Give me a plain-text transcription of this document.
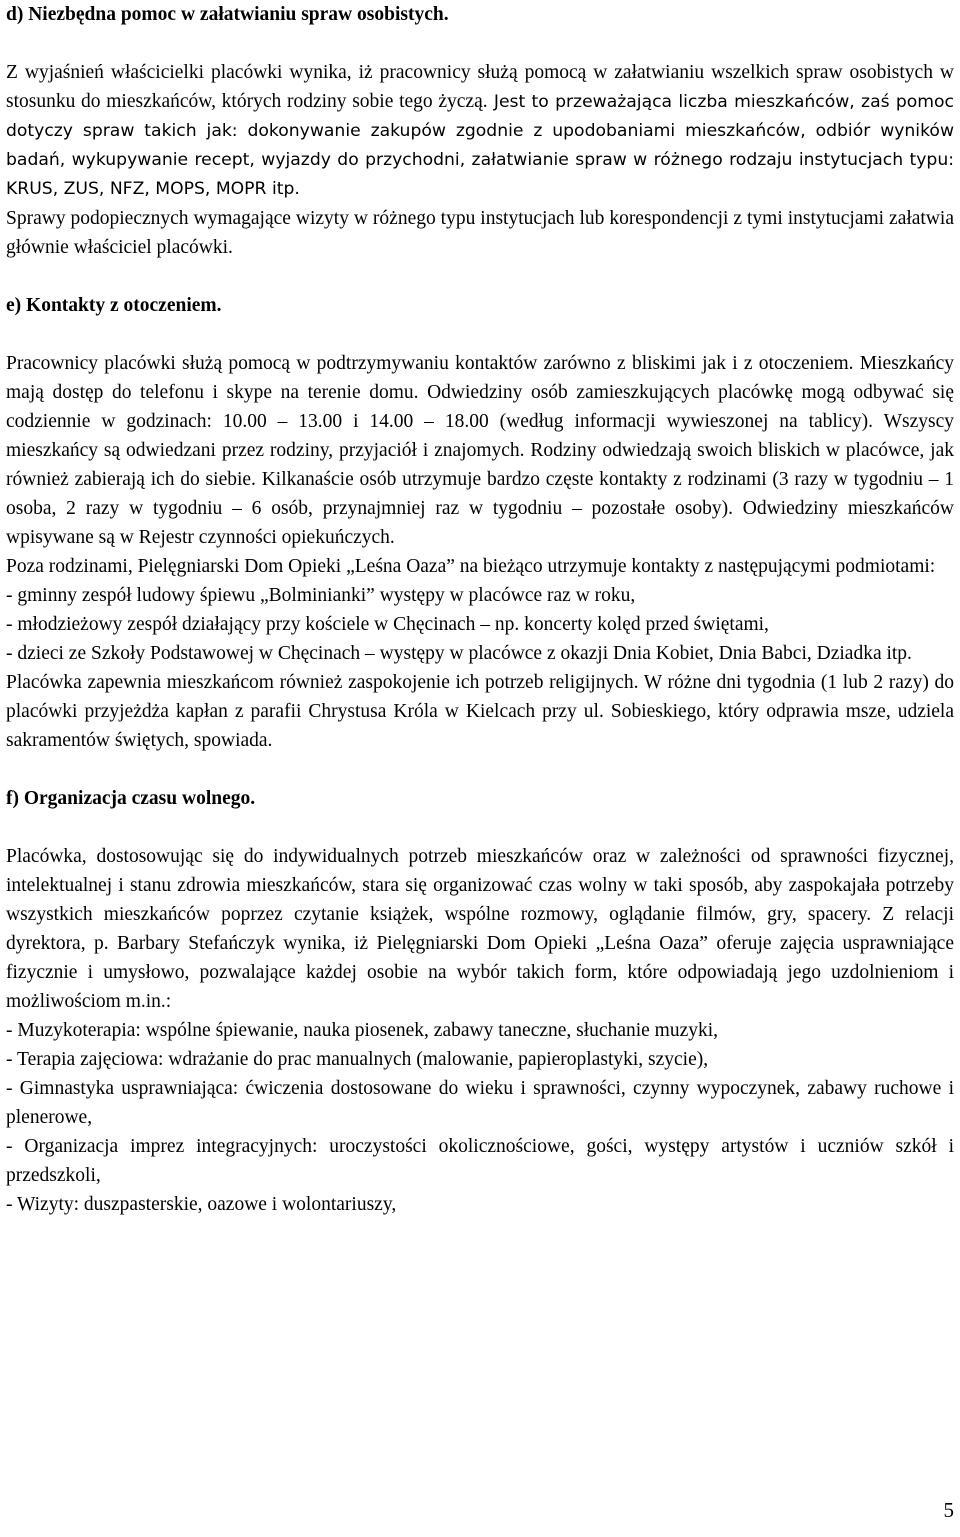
d) Niezbędna pomoc w załatwianiu spraw osobistych.

Z wyjaśnień właścicielki placówki wynika, iż pracownicy służą pomocą w załatwianiu wszelkich spraw osobistych w stosunku do mieszkańców, których rodziny sobie tego życzą. Jest to przeważająca liczba mieszkańców, zaś pomoc dotyczy spraw takich jak: dokonywanie zakupów zgodnie z upodobaniami mieszkańców, odbiór wyników badań, wykupywanie recept, wyjazdy do przychodni, załatwianie spraw w różnego rodzaju instytucjach typu: KRUS, ZUS, NFZ, MOPS, MOPR itp.

Sprawy podopiecznych wymagające wizyty w różnego typu instytucjach lub korespondencji z tymi instytucjami załatwia głównie właściciel placówki.

e) Kontakty z otoczeniem.

Pracownicy placówki służą pomocą w podtrzymywaniu kontaktów zarówno z bliskimi jak i z otoczeniem. Mieszkańcy mają dostęp do telefonu i skype na terenie domu. Odwiedziny osób zamieszkujących placówkę mogą odbywać się codziennie w godzinach: 10.00 – 13.00 i 14.00 – 18.00 (według informacji wywieszonej na tablicy). Wszyscy mieszkańcy są odwiedzani przez rodziny, przyjaciół i znajomych. Rodziny odwiedzają swoich bliskich w placówce, jak również zabierają ich do siebie. Kilkanaście osób utrzymuje bardzo częste kontakty z rodzinami (3 razy w tygodniu – 1 osoba, 2 razy w tygodniu – 6 osób, przynajmniej raz w tygodniu – pozostałe osoby). Odwiedziny mieszkańców wpisywane są w Rejestr czynności opiekuńczych.

Poza rodzinami, Pielęgniarski Dom Opieki „Leśna Oaza” na bieżąco utrzymuje kontakty z następującymi podmiotami:

- gminny zespół ludowy śpiewu „Bolminianki” występy w placówce raz w roku,
- młodzieżowy zespół działający przy kościele w Chęcinach – np. koncerty kolęd przed świętami,
- dzieci ze Szkoły Podstawowej w Chęcinach – występy w placówce z okazji Dnia Kobiet, Dnia Babci, Dziadka itp.

Placówka zapewnia mieszkańcom również zaspokojenie ich potrzeb religijnych. W różne dni tygodnia (1 lub 2 razy) do placówki przyjeżdża kapłan z parafii Chrystusa Króla w Kielcach przy ul. Sobieskiego, który odprawia msze, udziela sakramentów świętych, spowiada.

f) Organizacja czasu wolnego.

Placówka, dostosowując się do indywidualnych potrzeb mieszkańców oraz w zależności od sprawności fizycznej, intelektualnej i stanu zdrowia mieszkańców, stara się organizować czas wolny w taki sposób, aby zaspokajała potrzeby wszystkich mieszkańców poprzez czytanie książek, wspólne rozmowy, oglądanie filmów, gry, spacery. Z relacji dyrektora, p. Barbary Stefańczyk wynika, iż Pielęgniarski Dom Opieki „Leśna Oaza” oferuje zajęcia usprawniające fizycznie i umysłowo, pozwalające każdej osobie na wybór takich form, które odpowiadają jego uzdolnieniom i możliwościom m.in.:

- Muzykoterapia: wspólne śpiewanie, nauka piosenek, zabawy taneczne, słuchanie muzyki,
- Terapia zajęciowa: wdrażanie do prac manualnych (malowanie, papieroplastyki, szycie),
- Gimnastyka usprawniająca: ćwiczenia dostosowane do wieku i sprawności, czynny wypoczynek, zabawy ruchowe i plenerowe,
- Organizacja imprez integracyjnych: uroczystości okolicznościowe, gości, występy artystów i uczniów szkół i przedszkoli,
- Wizyty: duszpasterskie, oazowe i wolontariuszy,
5
